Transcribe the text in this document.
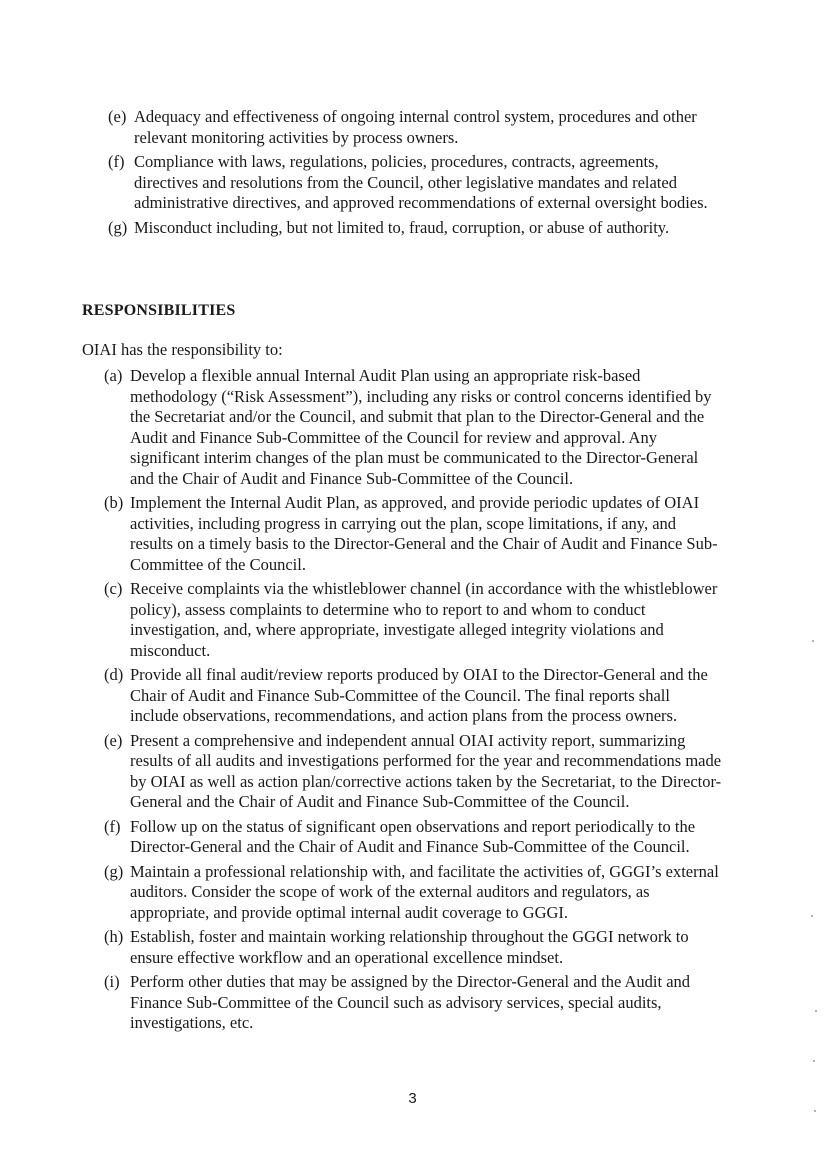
(e) Adequacy and effectiveness of ongoing internal control system, procedures and other relevant monitoring activities by process owners.
(f) Compliance with laws, regulations, policies, procedures, contracts, agreements, directives and resolutions from the Council, other legislative mandates and related administrative directives, and approved recommendations of external oversight bodies.
(g) Misconduct including, but not limited to, fraud, corruption, or abuse of authority.
RESPONSIBILITIES
OIAI has the responsibility to:
(a) Develop a flexible annual Internal Audit Plan using an appropriate risk-based methodology (“Risk Assessment”), including any risks or control concerns identified by the Secretariat and/or the Council, and submit that plan to the Director-General and the Audit and Finance Sub-Committee of the Council for review and approval. Any significant interim changes of the plan must be communicated to the Director-General and the Chair of Audit and Finance Sub-Committee of the Council.
(b) Implement the Internal Audit Plan, as approved, and provide periodic updates of OIAI activities, including progress in carrying out the plan, scope limitations, if any, and results on a timely basis to the Director-General and the Chair of Audit and Finance Sub-Committee of the Council.
(c) Receive complaints via the whistleblower channel (in accordance with the whistleblower policy), assess complaints to determine who to report to and whom to conduct investigation, and, where appropriate, investigate alleged integrity violations and misconduct.
(d) Provide all final audit/review reports produced by OIAI to the Director-General and the Chair of Audit and Finance Sub-Committee of the Council. The final reports shall include observations, recommendations, and action plans from the process owners.
(e) Present a comprehensive and independent annual OIAI activity report, summarizing results of all audits and investigations performed for the year and recommendations made by OIAI as well as action plan/corrective actions taken by the Secretariat, to the Director-General and the Chair of Audit and Finance Sub-Committee of the Council.
(f) Follow up on the status of significant open observations and report periodically to the Director-General and the Chair of Audit and Finance Sub-Committee of the Council.
(g) Maintain a professional relationship with, and facilitate the activities of, GGGI’s external auditors. Consider the scope of work of the external auditors and regulators, as appropriate, and provide optimal internal audit coverage to GGGI.
(h) Establish, foster and maintain working relationship throughout the GGGI network to ensure effective workflow and an operational excellence mindset.
(i) Perform other duties that may be assigned by the Director-General and the Audit and Finance Sub-Committee of the Council such as advisory services, special audits, investigations, etc.
3
